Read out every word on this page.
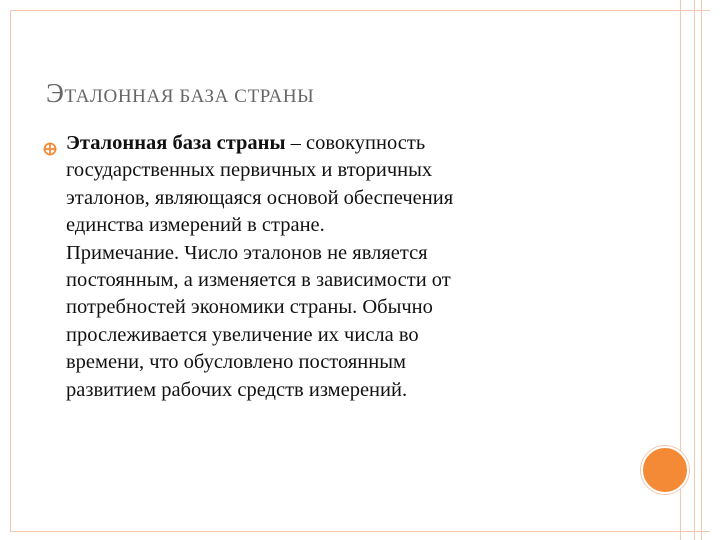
ЭТАЛОННАЯ БАЗА СТРАНЫ
Эталонная база страны – совокупность
государственных первичных и вторичных
эталонов, являющаяся основой обеспечения
единства измерений в стране.
Примечание. Число эталонов не является
постоянным, а изменяется в зависимости от
потребностей экономики страны. Обычно
прослеживается увеличение их числа во
времени, что обусловлено постоянным
развитием рабочих средств измерений.
